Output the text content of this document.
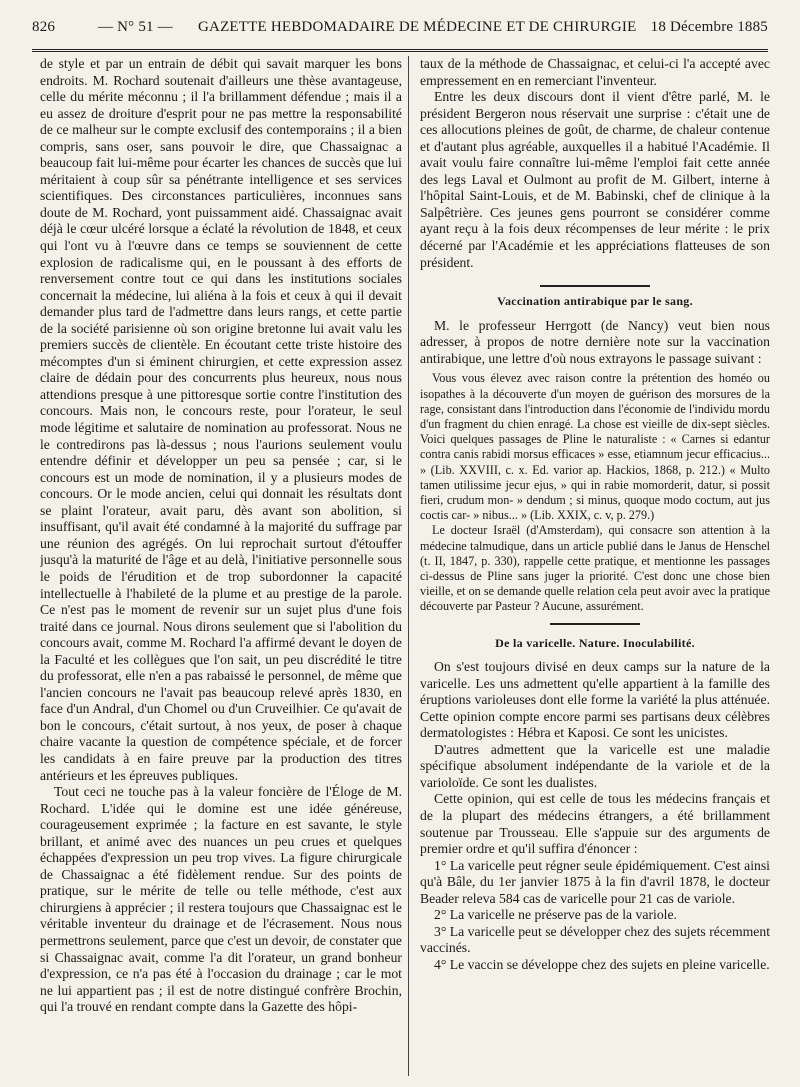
826	— N° 51 — GAZETTE HEBDOMADAIRE DE MÉDECINE ET DE CHIRURGIE 18 Décembre 1885

de style et par un entrain de débit qui savait marquer les bons endroits. M. Rochard soutenait d'ailleurs une thèse avantageuse, celle du mérite méconnu ; il l'a brillamment défendue ; mais il a eu assez de droiture d'esprit pour ne pas mettre la responsabilité de ce malheur sur le compte exclusif des contemporains ; il a bien compris, sans oser, sans pouvoir le dire, que Chassaignac a beaucoup fait lui-même pour écarter les chances de succès que lui méritaient à coup sûr sa pénétrante intelligence et ses services scientifiques. Des circonstances particulières, inconnues sans doute de M. Rochard, yont puissamment aidé. Chassaignac avait déjà le cœur ulcéré lorsque a éclaté la révolution de 1848, et ceux qui l'ont vu à l'œuvre dans ce temps se souviennent de cette explosion de radicalisme qui, en le poussant à des efforts de renversement contre tout ce qui dans les institutions sociales concernait la médecine, lui aliéna à la fois et ceux à qui il devait demander plus tard de l'admettre dans leurs rangs, et cette partie de la société parisienne où son origine bretonne lui avait valu les premiers succès de clientèle. En écoutant cette triste histoire des mécomptes d'un si éminent chirurgien, et cette expression assez claire de dédain pour des concurrents plus heureux, nous nous attendions presque à une pittoresque sortie contre l'institution des concours. Mais non, le concours reste, pour l'orateur, le seul mode légitime et salutaire de nomination au professorat. Nous ne le contredirons pas là-dessus ; nous l'aurions seulement voulu entendre définir et développer un peu sa pensée ; car, si le concours est un mode de nomination, il y a plusieurs modes de concours. Or le mode ancien, celui qui donnait les résultats dont se plaint l'orateur, avait paru, dès avant son abolition, si insuffisant, qu'il avait été condamné à la majorité du suffrage par une réunion des agrégés. On lui reprochait surtout d'étouffer jusqu'à la maturité de l'âge et au delà, l'initiative personnelle sous le poids de l'érudition et de trop subordonner la capacité intellectuelle à l'habileté de la plume et au prestige de la parole. Ce n'est pas le moment de revenir sur un sujet plus d'une fois traité dans ce journal. Nous dirons seulement que si l'abolition du concours avait, comme M. Rochard l'a affirmé devant le doyen de la Faculté et les collègues que l'on sait, un peu discrédité le titre du professorat, elle n'en a pas rabaissé le personnel, de même que l'ancien concours ne l'avait pas beaucoup relevé après 1830, en face d'un Andral, d'un Chomel ou d'un Cruveilhier. Ce qu'avait de bon le concours, c'était surtout, à nos yeux, de poser à chaque chaire vacante la question de compétence spéciale, et de forcer les candidats à en faire preuve par la production des titres antérieurs et les épreuves publiques.

Tout ceci ne touche pas à la valeur foncière de l'Éloge de M. Rochard. L'idée qui le domine est une idée généreuse, courageusement exprimée ; la facture en est savante, le style brillant, et animé avec des nuances un peu crues et quelques échappées d'expression un peu trop vives. La figure chirurgicale de Chassaignac a été fidèlement rendue. Sur des points de pratique, sur le mérite de telle ou telle méthode, c'est aux chirurgiens à apprécier ; il restera toujours que Chassaignac est le véritable inventeur du drainage et de l'écrasement. Nous nous permettrons seulement, parce que c'est un devoir, de constater que si Chassaignac avait, comme l'a dit l'orateur, un grand bonheur d'expression, ce n'a pas été à l'occasion du drainage ; car le mot ne lui appartient pas ; il est de notre distingué confrère Brochin, qui l'a trouvé en rendant compte dans la Gazette des hôpi-

taux de la méthode de Chassaignac, et celui-ci l'a accepté avec empressement en en remerciant l'inventeur.

Entre les deux discours dont il vient d'être parlé, M. le président Bergeron nous réservait une surprise : c'était une de ces allocutions pleines de goût, de charme, de chaleur contenue et d'autant plus agréable, auxquelles il a habitué l'Académie. Il avait voulu faire connaître lui-même l'emploi fait cette année des legs Laval et Oulmont au profit de M. Gilbert, interne à l'hôpital Saint-Louis, et de M. Babinski, chef de clinique à la Salpêtrière. Ces jeunes gens pourront se considérer comme ayant reçu à la fois deux récompenses de leur mérite : le prix décerné par l'Académie et les appréciations flatteuses de son président.

Vaccination antirabique par le sang.

M. le professeur Herrgott (de Nancy) veut bien nous adresser, à propos de notre dernière note sur la vaccination antirabique, une lettre d'où nous extrayons le passage suivant :

Vous vous élevez avec raison contre la prétention des homéo ou isopathes à la découverte d'un moyen de guérison des morsures de la rage, consistant dans l'introduction dans l'économie de l'individu mordu d'un fragment du chien enragé. La chose est vieille de dix-sept siècles. Voici quelques passages de Pline le naturaliste : « Carnes si edantur contra canis rabidi morsus efficaces » esse, etiamnum jecur efficacius... » (Lib. XXVIII, c. x. Ed. varior ap. Hackios, 1868, p. 212.) « Multo tamen utilissime jecur ejus, » qui in rabie momorderit, datur, si possit fieri, crudum mon- » dendum ; si minus, quoque modo coctum, aut jus coctis car- » nibus... » (Lib. XXIX, c. v, p. 279.)

Le docteur Israël (d'Amsterdam), qui consacre son attention à la médecine talmudique, dans un article publié dans le Janus de Henschel (t. II, 1847, p. 330), rappelle cette pratique, et mentionne les passages ci-dessus de Pline sans juger la priorité. C'est donc une chose bien vieille, et on se demande quelle relation cela peut avoir avec la pratique découverte par Pasteur ? Aucune, assurément.

De la varicelle. Nature. Inoculabilité.

On s'est toujours divisé en deux camps sur la nature de la varicelle. Les uns admettent qu'elle appartient à la famille des éruptions varioleuses dont elle forme la variété la plus atténuée. Cette opinion compte encore parmi ses partisans deux célèbres dermatologistes : Hébra et Kaposi. Ce sont les unicistes.

D'autres admettent que la varicelle est une maladie spécifique absolument indépendante de la variole et de la varioloïde. Ce sont les dualistes.

Cette opinion, qui est celle de tous les médecins français et de la plupart des médecins étrangers, a été brillamment soutenue par Trousseau. Elle s'appuie sur des arguments de premier ordre et qu'il suffira d'énoncer :

1° La varicelle peut régner seule épidémiquement. C'est ainsi qu'à Bâle, du 1er janvier 1875 à la fin d'avril 1878, le docteur Beader releva 584 cas de varicelle pour 21 cas de variole.

2° La varicelle ne préserve pas de la variole.

3° La varicelle peut se développer chez des sujets récemment vaccinés.

4° Le vaccin se développe chez des sujets en pleine varicelle.
